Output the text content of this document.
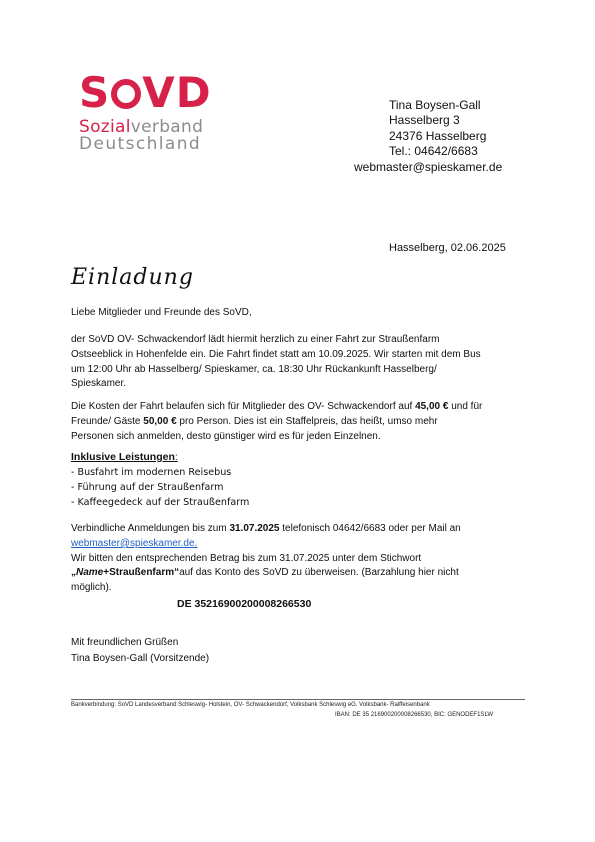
S VD
Sozialverband
Deutschland
Tina Boysen-Gall
Hasselberg 3
24376 Hasselberg
Tel.: 04642/6683
webmaster@spieskamer.de
Hasselberg, 02.06.2025
Einladung
Liebe Mitglieder und Freunde des SoVD,
der SoVD OV- Schwackendorf lädt hiermit herzlich zu einer Fahrt zur Straußenfarm
Ostseeblick in Hohenfelde ein. Die Fahrt findet statt am 10.09.2025. Wir starten mit dem Bus
um 12:00 Uhr ab Hasselberg/ Spieskamer, ca. 18:30 Uhr Rückankunft Hasselberg/
Spieskamer.
Die Kosten der Fahrt belaufen sich für Mitglieder des OV- Schwackendorf auf 45,00 € und für
Freunde/ Gäste 50,00 € pro Person. Dies ist ein Staffelpreis, das heißt, umso mehr
Personen sich anmelden, desto günstiger wird es für jeden Einzelnen.
Inklusive Leistungen:
- Busfahrt im modernen Reisebus
- Führung auf der Straußenfarm
- Kaffeegedeck auf der Straußenfarm
Verbindliche Anmeldungen bis zum 31.07.2025 telefonisch 04642/6683 oder per Mail an
webmaster@spieskamer.de.
Wir bitten den entsprechenden Betrag bis zum 31.07.2025 unter dem Stichwort
„Name+Straußenfarm“auf das Konto des SoVD zu überweisen. (Barzahlung hier nicht
möglich).
DE 35216900200008266530
Mit freundlichen Grüßen
Tina Boysen-Gall (Vorsitzende)
Bankverbindung: SoVD Landesverband Schleswig- Holstein, OV- Schwackendorf, Volksbank Schleswig eG. Volksbank- Raiffeisenbank
IBAN: DE 35 216900200008266530, BIC: GENODEF1SLW
